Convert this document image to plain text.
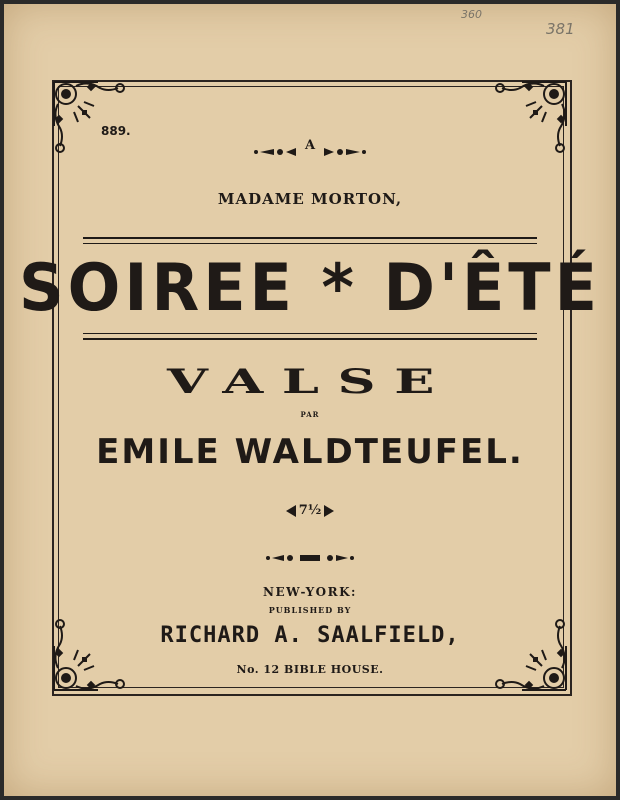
360
381
889.
A
MADAME MORTON,
SOIREE * D'ÊTÉ
VALSE
PAR
EMILE WALDTEUFEL.
7½
NEW-YORK:
PUBLISHED BY
RICHARD A. SAALFIELD,
No. 12 BIBLE HOUSE.
